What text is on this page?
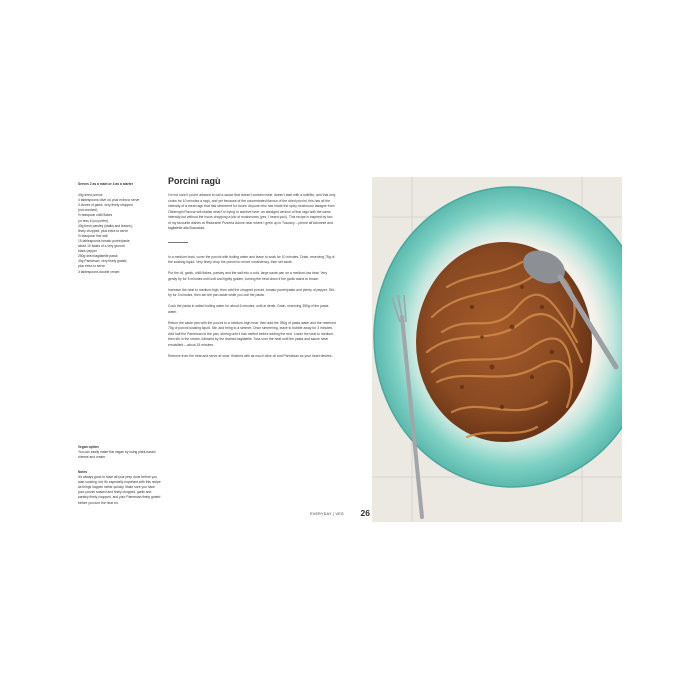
Serves 2 as a main or 4 as a starter
40g dried porcini
4 tablespoons olive oil, plus extra to serve
3 cloves of garlic, very finely chopped
(not crushed)
½ teaspoon chilli flakes
(or less if you prefer)
40g fresh parsley (stalks and leaves),
finely chopped, plus extra to serve
½ teaspoon fine salt
15 tablespoons tomato purée/paste
about 10 twists of a very ground
black pepper
250g dried tagliatelle pasta
40g Parmesan, very finely grated,
plus extra to serve
3 tablespoons double cream
Vegan option
You can easily make this vegan by using plant-based cheese and cream.
Notes
It's always good to have all your prep done before you start cooking, but it's especially important with this recipe as things happen rather quickly. Make sure you have your porcini soaked and finely chopped, garlic and parsley finely chopped, and your Parmesan finely grated before you turn the heat on.
Porcini ragù

I'm not sure if you're allowed to call a sauce that doesn't contain meat, doesn't start with a soffritto, and that only cooks for 10 minutes a ragù, and yet because of the concentrated flavour of the dried porcini, this has all the intensity of a meat ragù that has simmered for hours. Anyone who has made the spicy mushroom lasagne from Ottolenghi Flavour will realise what I'm trying to achieve here: an abridged version of that ragù with the same intensity but without the hours chopping a kilo of mushrooms (yes, I heard you!). This recipe is inspired by two of my favourite dishes at Ristorante Pizzeria Adone near where I grew up in Tuscany – penne all'Adonese and tagliatelle alla Boscaiola.

In a medium bowl, cover the porcini with boiling water and leave to soak for 10 minutes. Drain, reserving 75g of the soaking liquid. Very finely chop the porcini to mince consistency, then set aside.

Put the oil, garlic, chilli flakes, parsley and the salt into a cold, large saute pan on a medium-low heat. Very gently fry for 5 minutes until soft and lightly golden, turning the heat down if the garlic starts to brown.

Increase the heat to medium-high, then add the chopped porcini, tomato purée/paste and plenty of pepper. Stir-fry for 3 minutes, then set the pan aside while you boil the pasta.

Cook the pasta in salted boiling water for about 6 minutes, until al dente. Drain, reserving 350g of the pasta water.

Return the saute pan with the porcini to a medium-high heat, then add the 350g of pasta water and the reserved 75g of porcini soaking liquid. Stir, and bring to a simmer. Once simmering, leave to bubble away for 3 minutes. Add half the Parmesan to the pan, stirring until it has melted before adding the rest. Lower the heat to medium, then stir in the cream, followed by the drained tagliatelle. Toss over the heat until the pasta and sauce have emulsified – about 15 minutes.

Remove from the heat and serve at once, finished with as much olive oil and Parmesan as your heart desires.

EVERYDAY | VEG 26
